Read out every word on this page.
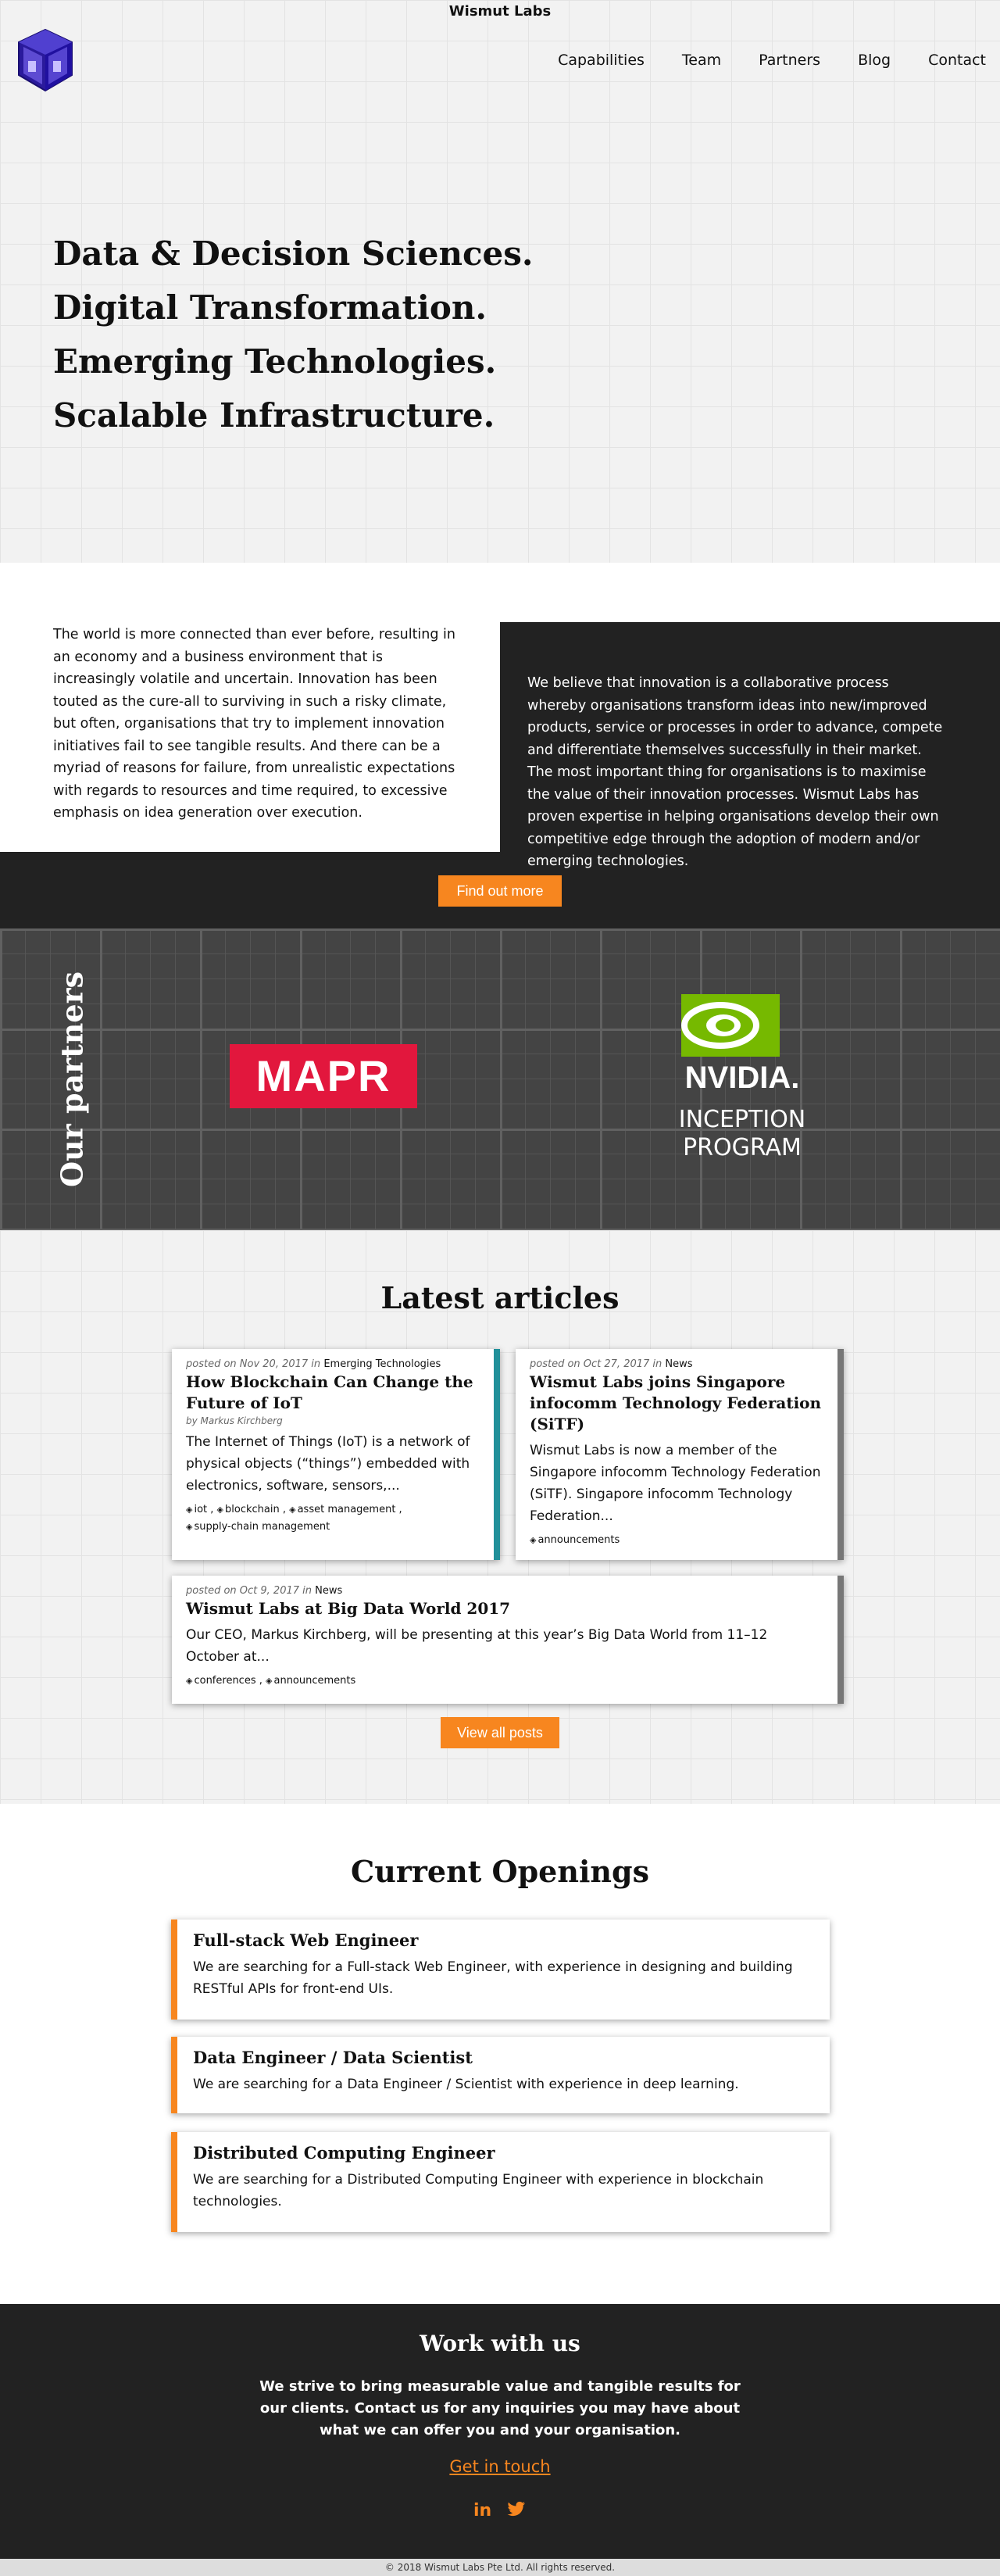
Wismut Labs
Capabilities	Team	Partners	Blog	Contact
Data & Decision Sciences.
Digital Transformation.
Emerging Technologies.
Scalable Infrastructure.

The world is more connected than ever before, resulting in an economy and a business environment that is increasingly volatile and uncertain. Innovation has been touted as the cure-all to surviving in such a risky climate, but often, organisations that try to implement innovation initiatives fail to see tangible results. And there can be a myriad of reasons for failure, from unrealistic expectations with regards to resources and time required, to excessive emphasis on idea generation over execution.

We believe that innovation is a collaborative process whereby organisations transform ideas into new/improved products, service or processes in order to advance, compete and differentiate themselves successfully in their market. The most important thing for organisations is to maximise the value of their innovation processes. Wismut Labs has proven expertise in helping organisations develop their own competitive edge through the adoption of modern and/or emerging technologies.

Find out more
Our partners	MAPR	NVIDIA.
INCEPTION
PROGRAM
Latest articles
posted on Nov 20, 2017 in Emerging Technologies
How Blockchain Can Change the Future of IoT
by Markus Kirchberg

The Internet of Things (IoT) is a network of physical objects (“things”) embedded with electronics, software, sensors,...

◈ iot , ◈ blockchain , ◈ asset management ,
◈ supply-chain management
posted on Oct 27, 2017 in News
Wismut Labs joins Singapore infocomm Technology Federation (SiTF)

Wismut Labs is now a member of the Singapore infocomm Technology Federation (SiTF). Singapore infocomm Technology Federation...

◈ announcements
posted on Oct 9, 2017 in News
Wismut Labs at Big Data World 2017

Our CEO, Markus Kirchberg, will be presenting at this year’s Big Data World from 11–12 October at...

◈ conferences , ◈ announcements
View all posts
Current Openings
Full-stack Web Engineer

We are searching for a Full-stack Web Engineer, with experience in designing and building RESTful APIs for front-end UIs.

Data Engineer / Data Scientist

We are searching for a Data Engineer / Scientist with experience in deep learning.

Distributed Computing Engineer

We are searching for a Distributed Computing Engineer with experience in blockchain technologies.

Work with us

We strive to bring measurable value and tangible results for our clients. Contact us for any inquiries you may have about what we can offer you and your organisation.

Get in touch
in
© 2018 Wismut Labs Pte Ltd. All rights reserved.
